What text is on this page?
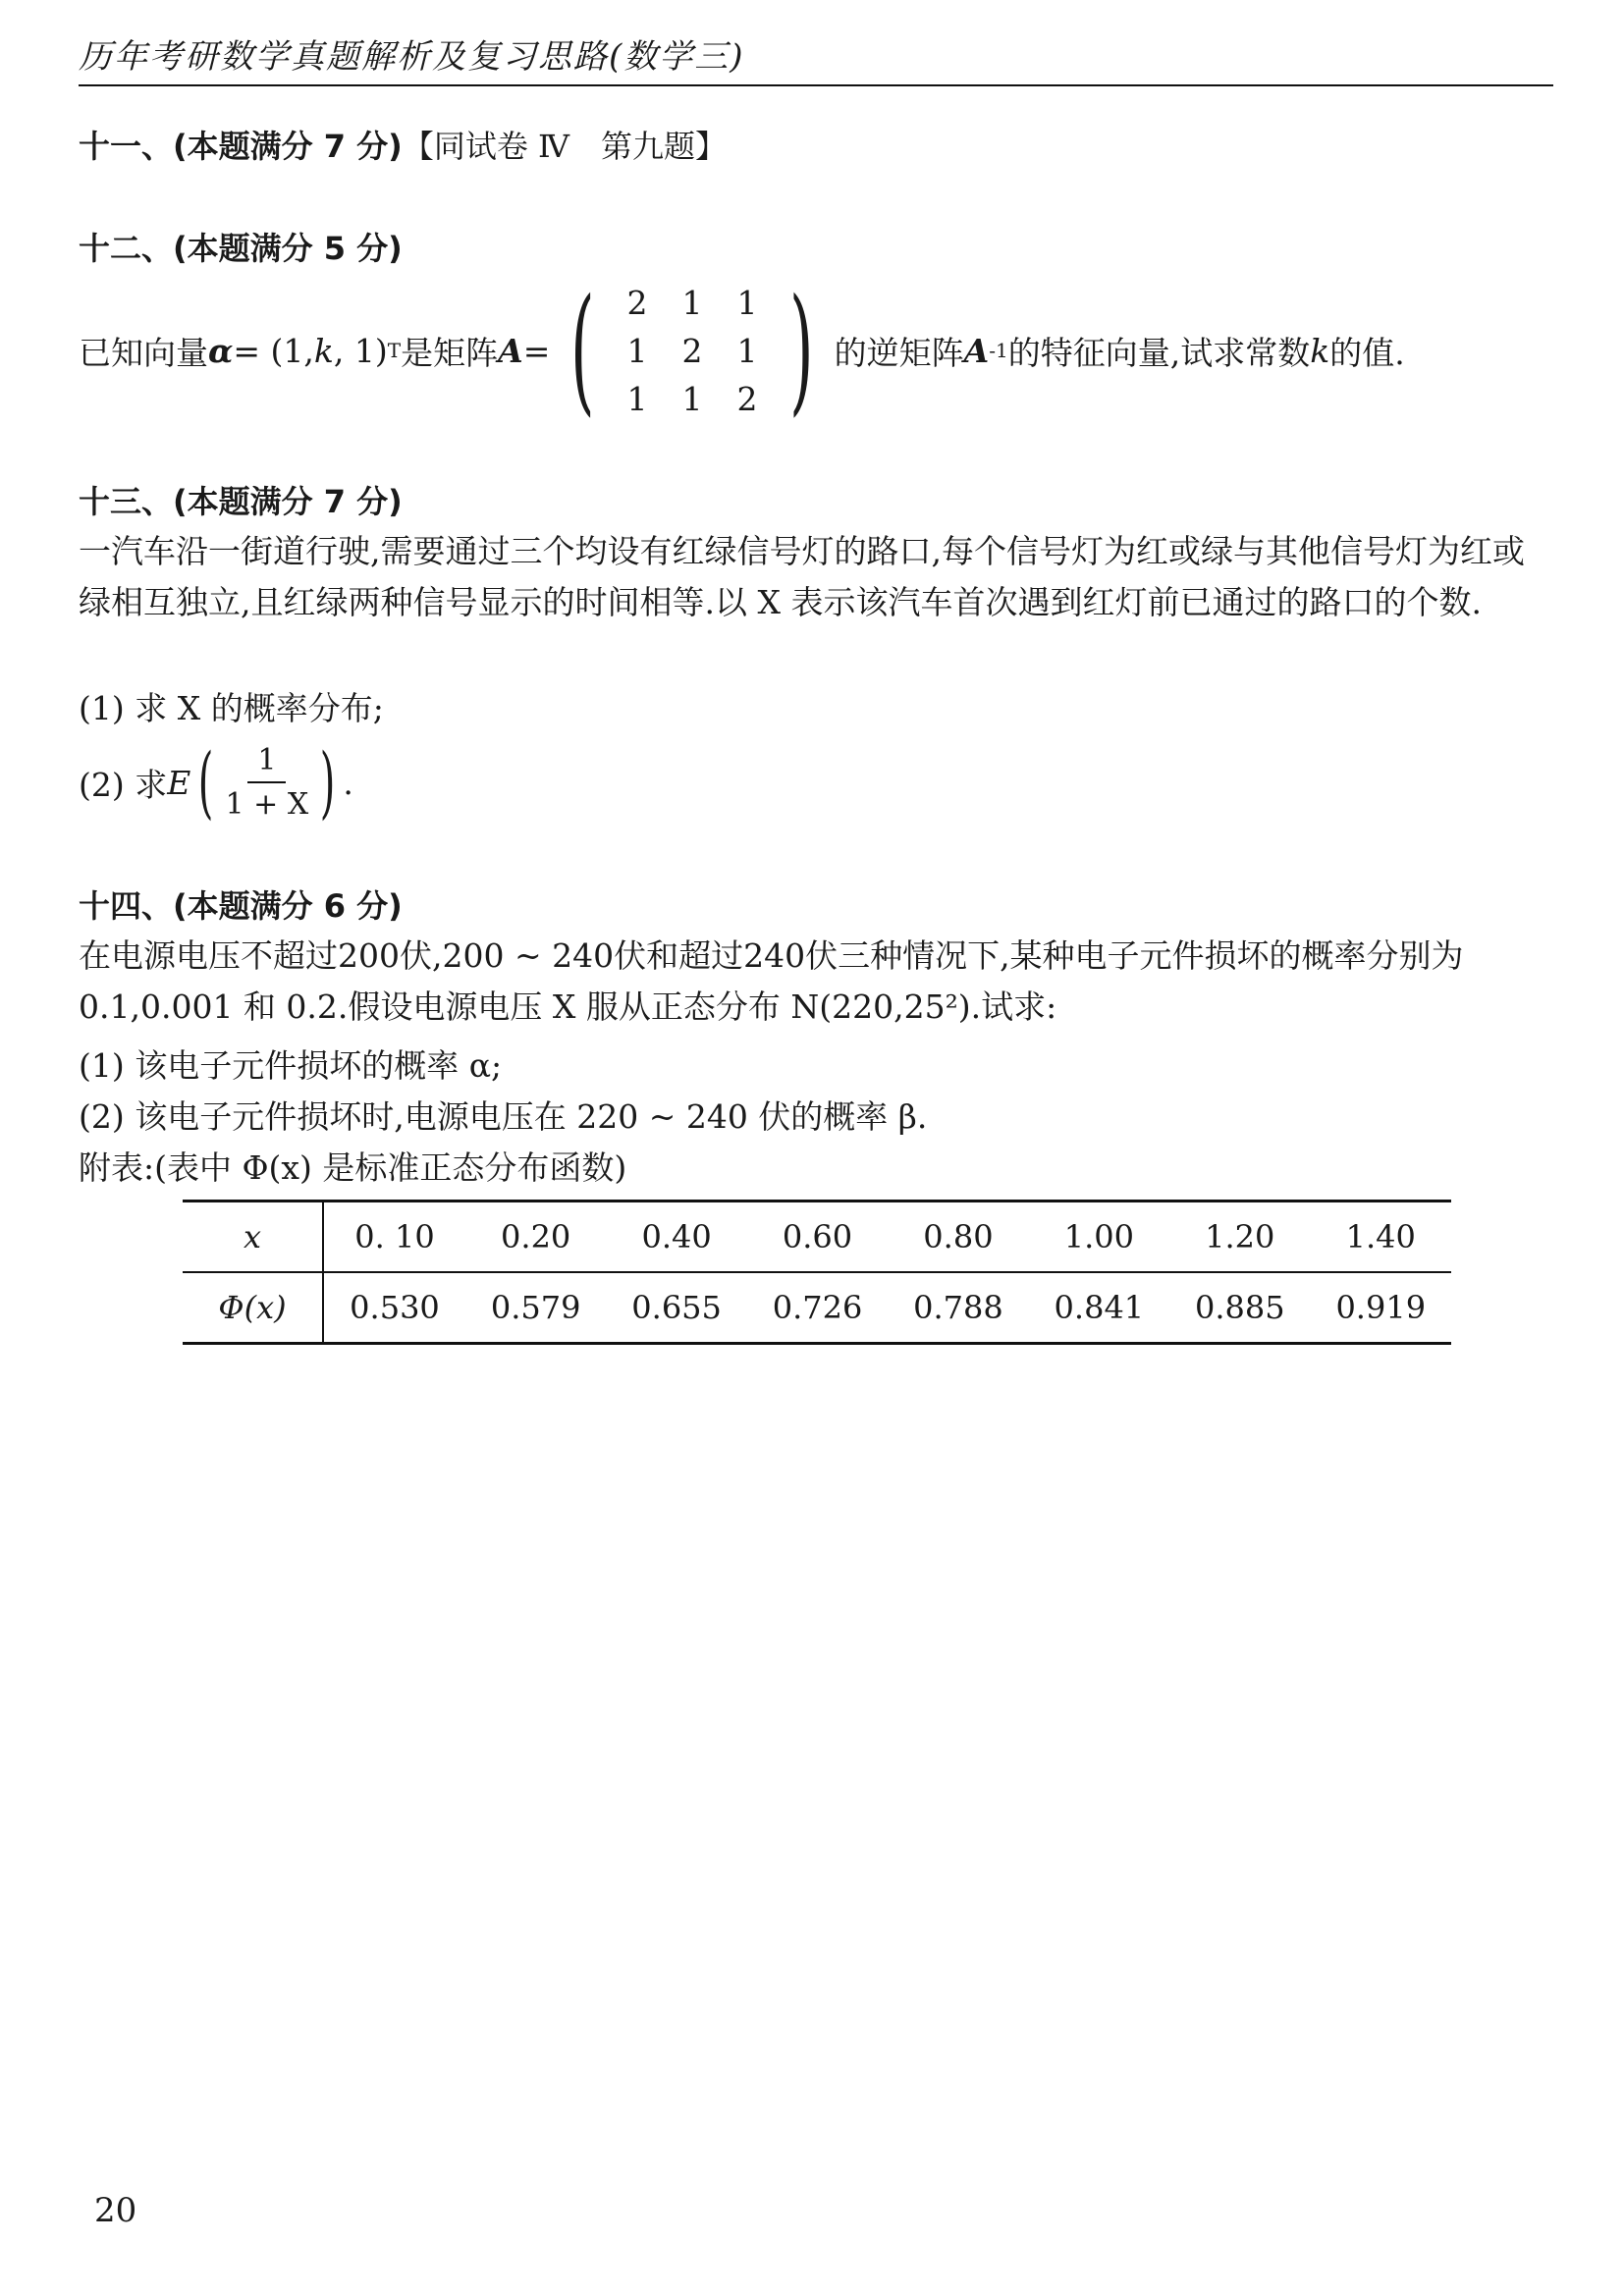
历年考研数学真题解析及复习思路(数学三)
十一、(本题满分 7 分)【同试卷 Ⅳ　第九题】
十二、(本题满分 5 分)
已知向量 α = (1, k , 1) T 是矩阵 A = ( 2	1	1
1	2	1
1	1	2 ) 的逆矩阵 A -1 的特征向量,试求常数 k 的值.
十三、(本题满分 7 分)
一汽车沿一街道行驶,需要通过三个均设有红绿信号灯的路口,每个信号灯为红或绿与其他信号灯为红或绿相互独立,且红绿两种信号显示的时间相等.以 X 表示该汽车首次遇到红灯前已通过的路口的个数.
(1) 求 X 的概率分布;
(2) 求 E ( $\frac{1}{1 + X}$ ) .
十四、(本题满分 6 分)
在电源电压不超过200伏,200 ~ 240伏和超过240伏三种情况下,某种电子元件损坏的概率分别为 0.1,0.001 和 0.2.假设电源电压 X 服从正态分布 N(220,25²).试求:
(1) 该电子元件损坏的概率 α;
(2) 该电子元件损坏时,电源电压在 220 ~ 240 伏的概率 β.
附表:(表中 Φ(x) 是标准正态分布函数)
x	0. 10	0.20	0.40	0.60	0.80	1.00	1.20	1.40
Φ(x)	0.530	0.579	0.655	0.726	0.788	0.841	0.885	0.919
20
